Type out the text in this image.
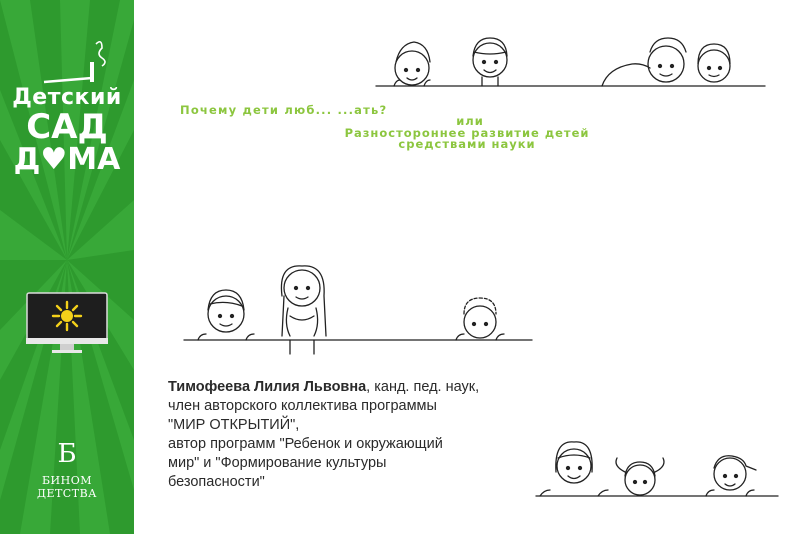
Детский
САД
Д♥МА
Б
БИНОМ ДЕТСТВА
Почему дети люб... ...ать?
или
Разностороннее развитие детей
средствами науки
Тимофеева Лилия Львовна, канд. пед. наук,
член авторского коллектива программы
"МИР ОТКРЫТИЙ",
автор программ "Ребенок и окружающий
мир" и "Формирование культуры
безопасности"
